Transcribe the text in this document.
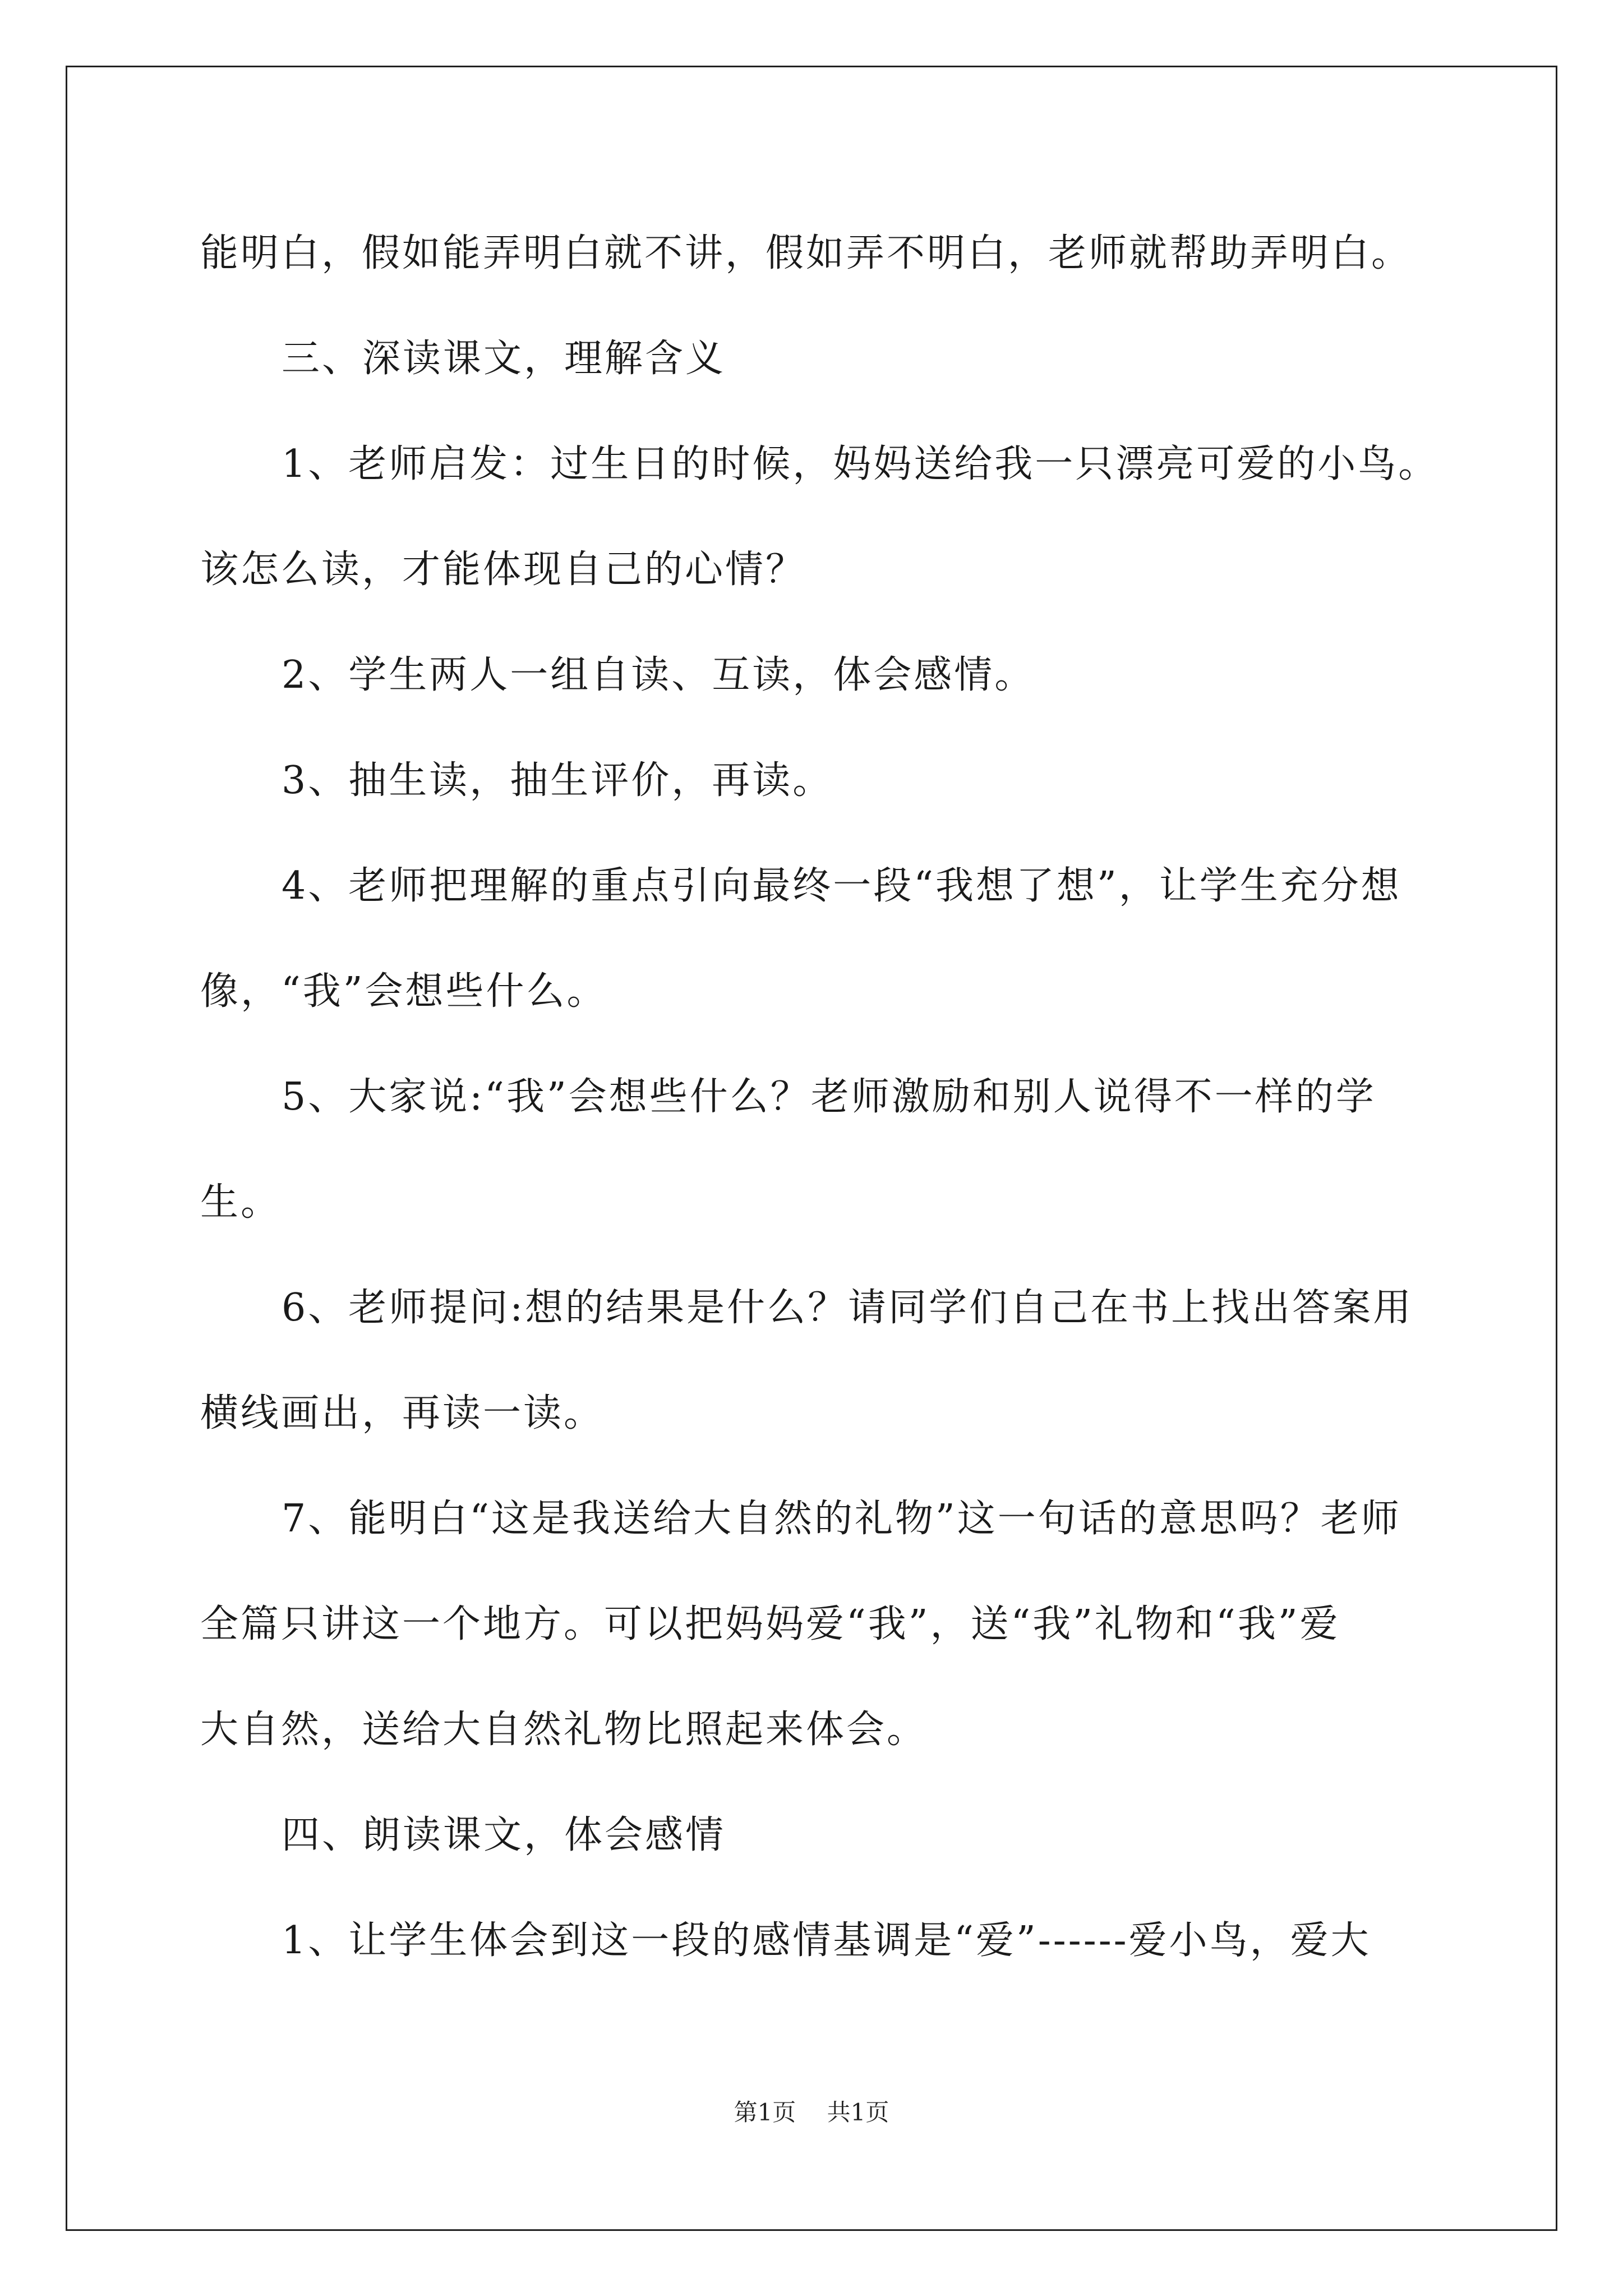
能明白，假如能弄明白就不讲，假如弄不明白，老师就帮助弄明白。
三、深读课文，理解含义
1、老师启发：过生日的时候，妈妈送给我一只漂亮可爱的小鸟。
该怎么读，才能体现自己的心情？
2、学生两人一组自读、互读，体会感情。
3、抽生读，抽生评价，再读。
4、老师把理解的重点引向最终一段“我想了想”，让学生充分想
像，“我”会想些什么。
5、大家说:“我”会想些什么？老师激励和别人说得不一样的学
生。
6、老师提问:想的结果是什么？请同学们自己在书上找出答案用
横线画出，再读一读。
7、能明白“这是我送给大自然的礼物”这一句话的意思吗？老师
全篇只讲这一个地方。可以把妈妈爱“我”，送“我”礼物和“我”爱
大自然，送给大自然礼物比照起来体会。
四、朗读课文，体会感情
1、让学生体会到这一段的感情基调是“爱”------爱小鸟，爱大
第1页 共1页
